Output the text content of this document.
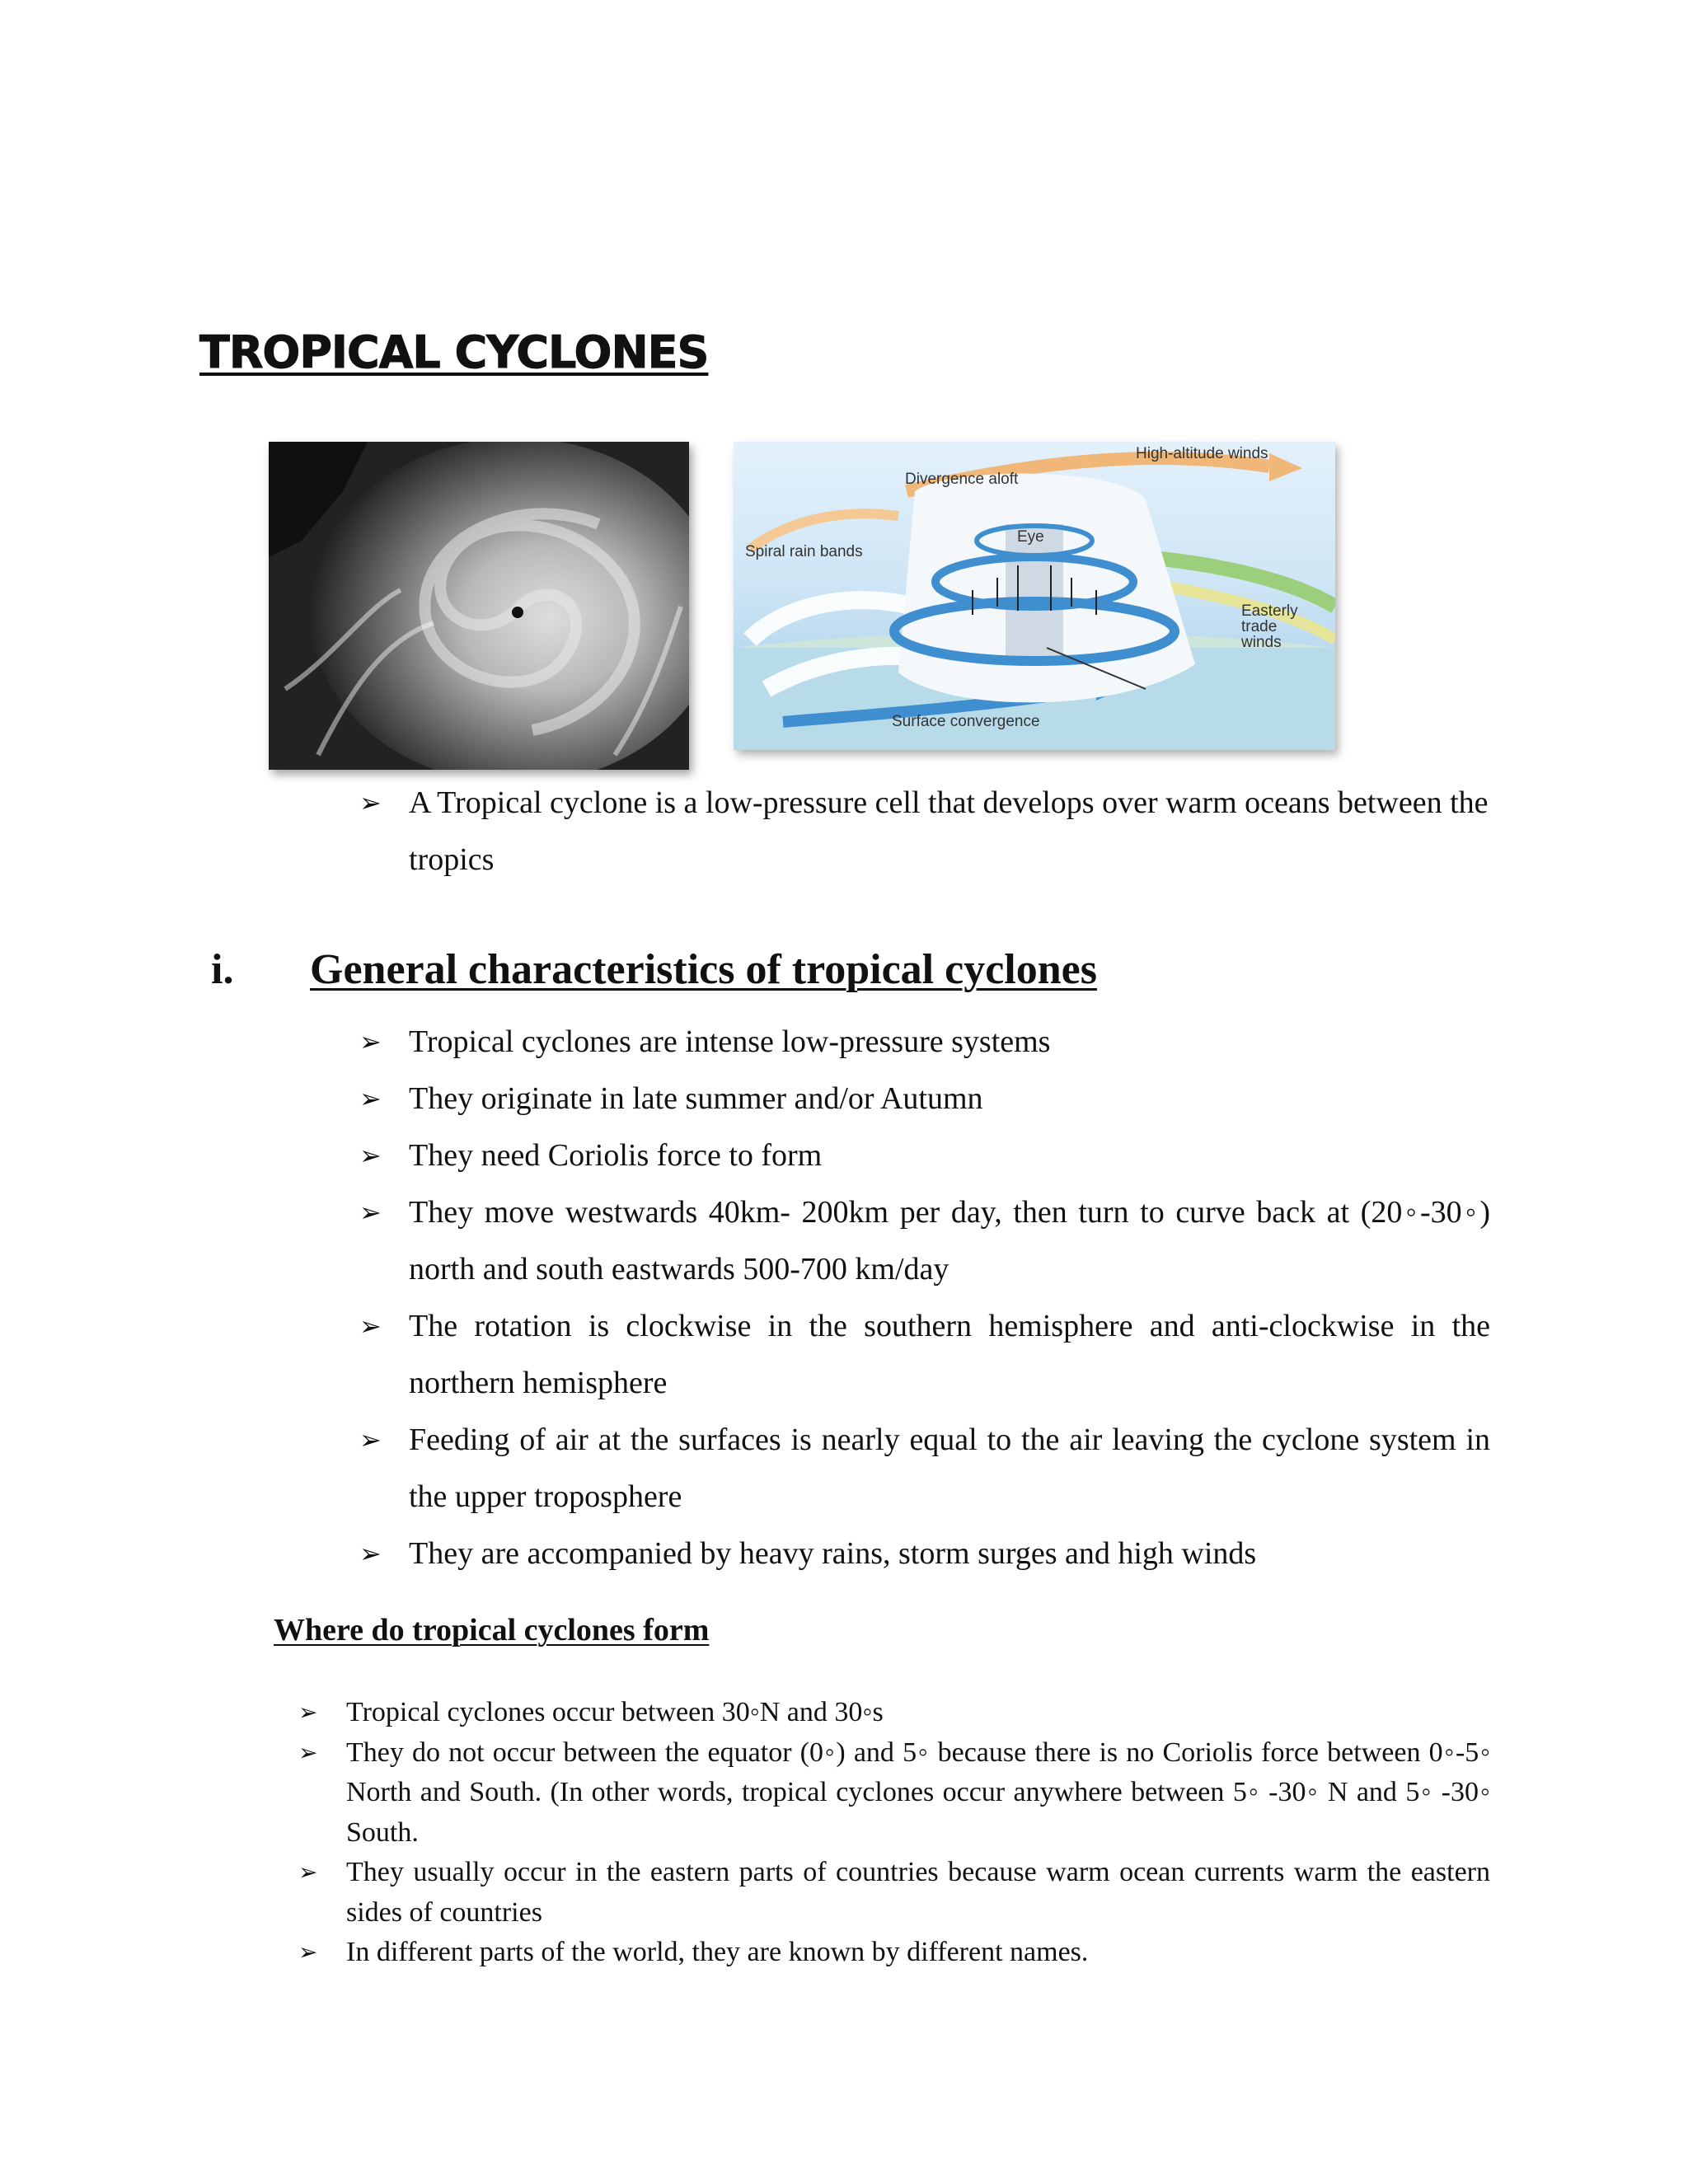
TROPICAL CYCLONES

High-altitude winds

Divergence aloft

Eye

Spiral rain bands

Easterly
trade
winds

Surface convergence

➢ A Tropical cyclone is a low-pressure cell that develops over warm oceans between the tropics
i. General characteristics of tropical cyclones
➢ Tropical cyclones are intense low-pressure systems
➢ They originate in late summer and/or Autumn
➢ They need Coriolis force to form
➢ They move westwards 40km- 200km per day, then turn to curve back at (20◦-30◦) north and south eastwards 500-700 km/day
➢ The rotation is clockwise in the southern hemisphere and anti-clockwise in the northern hemisphere
➢ Feeding of air at the surfaces is nearly equal to the air leaving the cyclone system in the upper troposphere
➢ They are accompanied by heavy rains, storm surges and high winds
Where do tropical cyclones form
➢ Tropical cyclones occur between 30◦N and 30◦s
➢ They do not occur between the equator (0◦) and 5◦ because there is no Coriolis force between 0◦-5◦ North and South. (In other words, tropical cyclones occur anywhere between 5◦ -30◦ N and 5◦ -30◦ South.
➢ They usually occur in the eastern parts of countries because warm ocean currents warm the eastern sides of countries
➢ In different parts of the world, they are known by different names.
